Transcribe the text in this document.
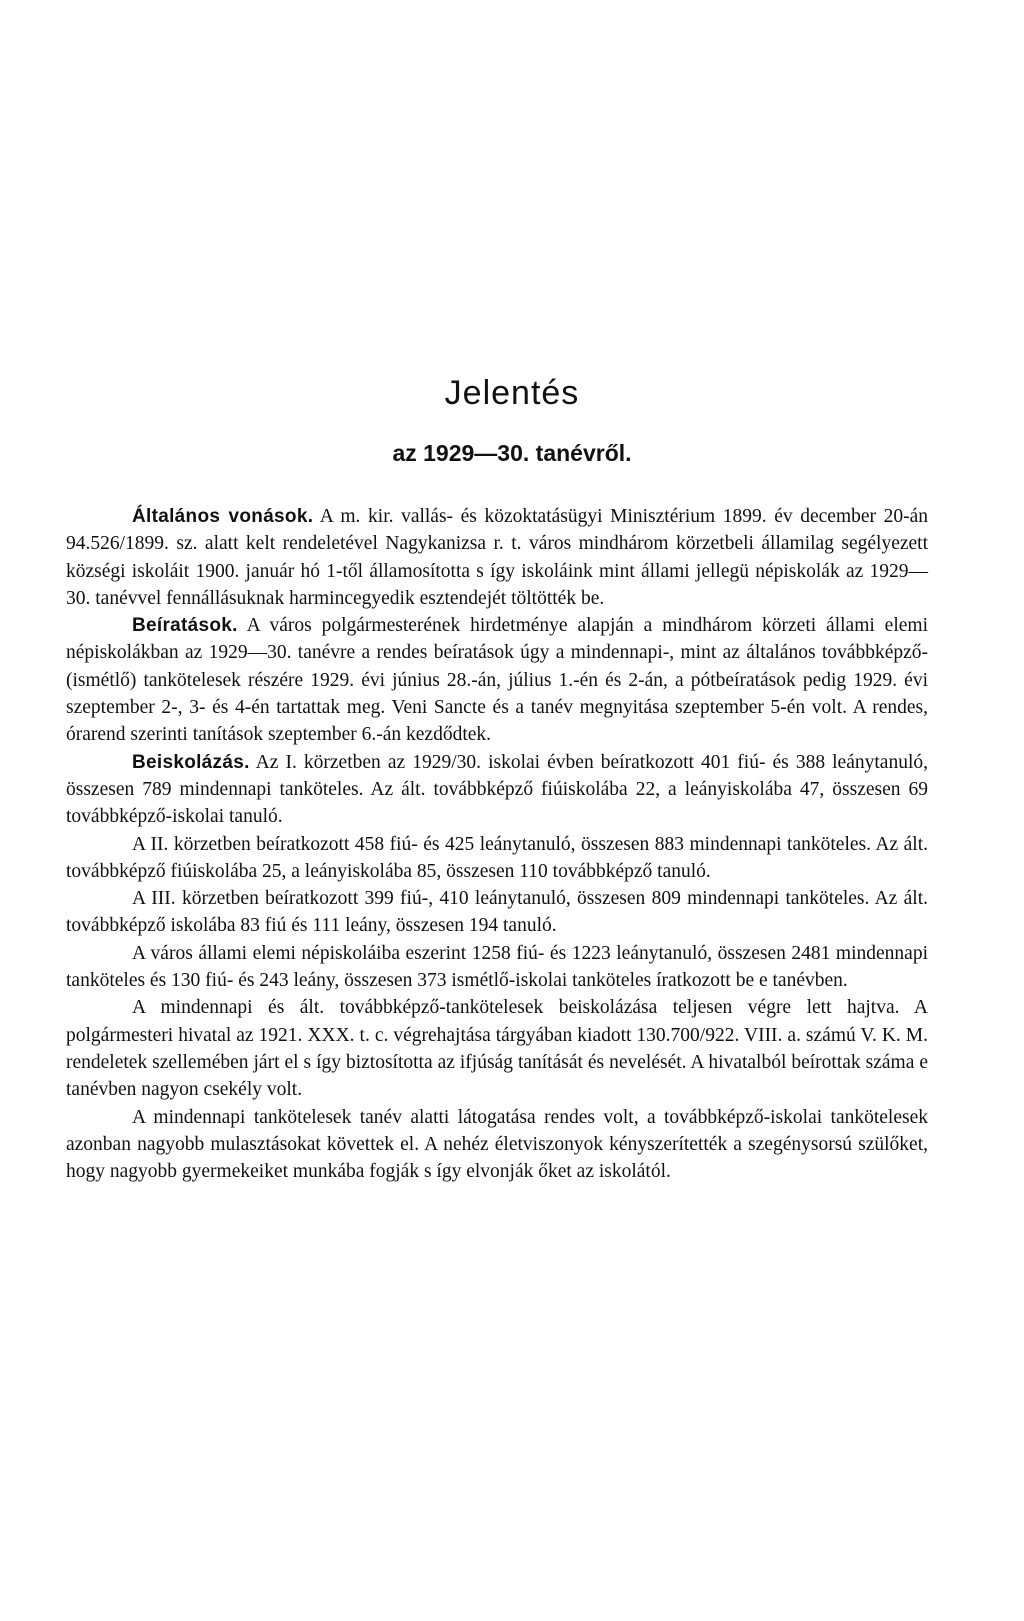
Jelentés
az 1929—30. tanévről.

Általános vonások. A m. kir. vallás- és közoktatásügyi Minisztérium 1899. év december 20-án 94.526/1899. sz. alatt kelt rendeletével Nagykanizsa r. t. város mindhárom körzetbeli államilag segélyezett községi iskoláit 1900. január hó 1-től államosította s így iskoláink mint állami jellegü népiskolák az 1929—30. tanévvel fennállásuknak harmincegyedik esztendejét töltötték be.

Beíratások. A város polgármesterének hirdetménye alapján a mindhárom körzeti állami elemi népiskolákban az 1929—30. tanévre a rendes beíratások úgy a mindennapi-, mint az általános továbbképző-(ismétlő) tankötelesek részére 1929. évi június 28.-án, július 1.-én és 2-án, a pótbeíratások pedig 1929. évi szeptember 2-, 3- és 4-én tartattak meg. Veni Sancte és a tanév megnyitása szeptember 5-én volt. A rendes, órarend szerinti tanítások szeptember 6.-án kezdődtek.

Beiskolázás. Az I. körzetben az 1929/30. iskolai évben beíratkozott 401 fiú- és 388 leánytanuló, összesen 789 mindennapi tanköteles. Az ált. továbbképző fiúiskolába 22, a leányiskolába 47, összesen 69 továbbképző-iskolai tanuló.

A II. körzetben beíratkozott 458 fiú- és 425 leánytanuló, összesen 883 mindennapi tanköteles. Az ált. továbbképző fiúiskolába 25, a leányiskolába 85, összesen 110 továbbképző tanuló.

A III. körzetben beíratkozott 399 fiú-, 410 leánytanuló, összesen 809 mindennapi tanköteles. Az ált. továbbképző iskolába 83 fiú és 111 leány, összesen 194 tanuló.

A város állami elemi népiskoláiba eszerint 1258 fiú- és 1223 leánytanuló, összesen 2481 mindennapi tanköteles és 130 fiú- és 243 leány, összesen 373 ismétlő-iskolai tanköteles íratkozott be e tanévben.

A mindennapi és ált. továbbképző-tankötelesek beiskolázása teljesen végre lett hajtva. A polgármesteri hivatal az 1921. XXX. t. c. végrehajtása tárgyában kiadott 130.700/922. VIII. a. számú V. K. M. rendeletek szellemében járt el s így biztosította az ifjúság tanítását és nevelését. A hivatalból beírottak száma e tanévben nagyon csekély volt.

A mindennapi tankötelesek tanév alatti látogatása rendes volt, a továbbképző-iskolai tankötelesek azonban nagyobb mulasztásokat követtek el. A nehéz életviszonyok kényszerítették a szegénysorsú szülőket, hogy nagyobb gyermekeiket munkába fogják s így elvonják őket az iskolától.
